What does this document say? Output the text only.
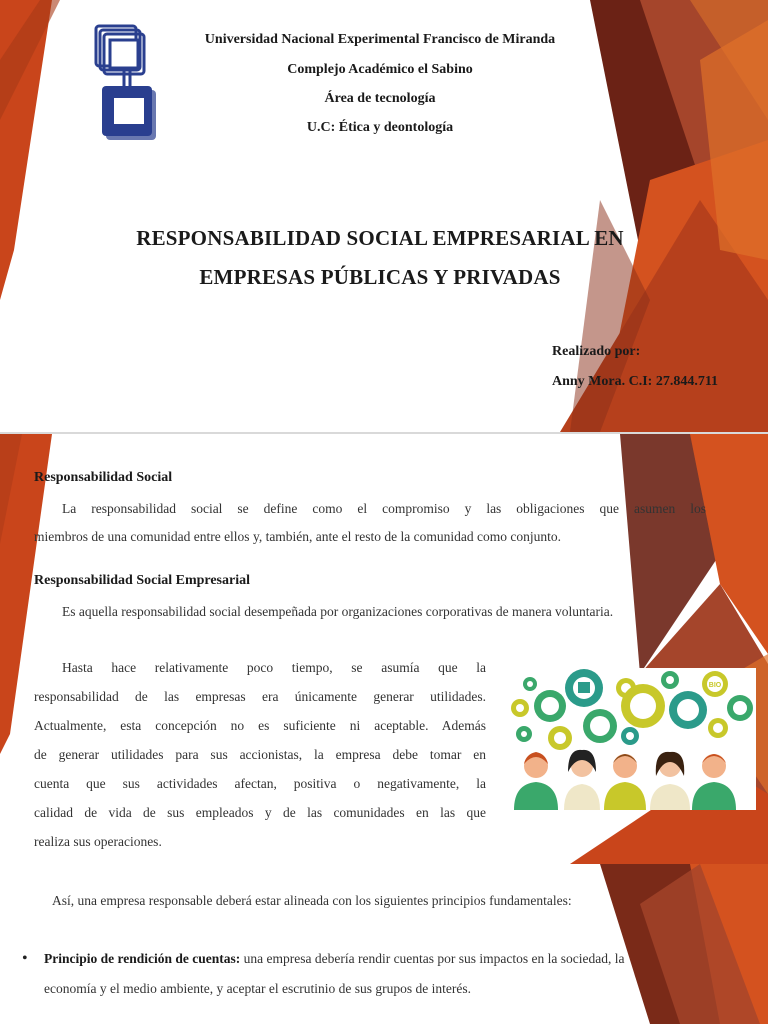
Universidad Nacional Experimental Francisco de Miranda
Complejo Académico el Sabino
Área de tecnología
U.C: Ética y deontología
RESPONSABILIDAD SOCIAL EMPRESARIAL EN
EMPRESAS PÚBLICAS Y PRIVADAS
Realizado por:
Anny Mora. C.I: 27.844.711
Responsabilidad Social
La responsabilidad social se define como el compromiso y las obligaciones que asumen los
miembros de una comunidad entre ellos y, también, ante el resto de la comunidad como conjunto.
Responsabilidad Social Empresarial
Es aquella responsabilidad social desempeñada por organizaciones corporativas de manera voluntaria.
Hasta hace relativamente poco tiempo, se asumía que la
responsabilidad de las empresas era únicamente generar utilidades.
Actualmente, esta concepción no es suficiente ni aceptable. Además
de generar utilidades para sus accionistas, la empresa debe tomar en
cuenta que sus actividades afectan, positiva o negativamente, la
calidad de vida de sus empleados y de las comunidades en las que
realiza sus operaciones.
BIO
Así, una empresa responsable deberá estar alineada con los siguientes principios fundamentales:
• Principio de rendición de cuentas: una empresa debería rendir cuentas por sus impactos en la sociedad, la
economía y el medio ambiente, y aceptar el escrutinio de sus grupos de interés.
